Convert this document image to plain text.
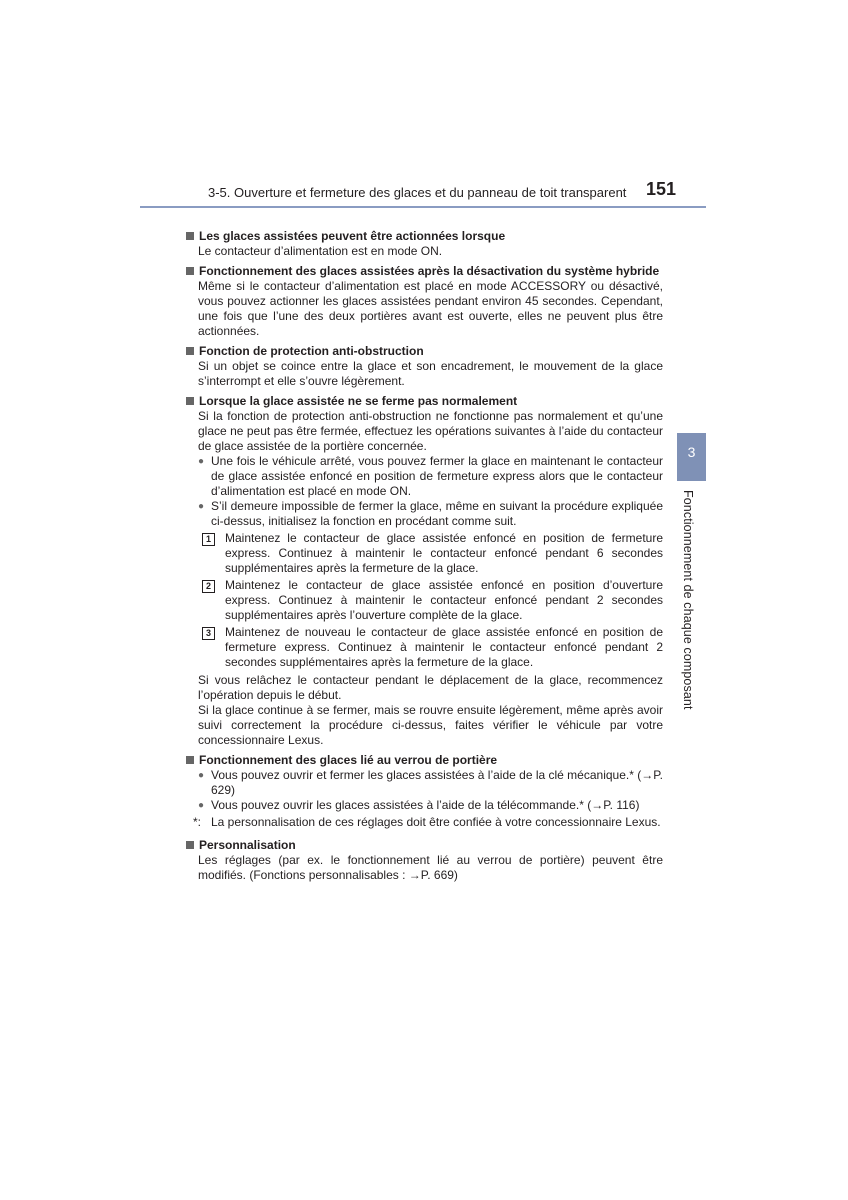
3-5. Ouverture et fermeture des glaces et du panneau de toit transparent 151
3
Fonctionnement de chaque composant
Les glaces assistées peuvent être actionnées lorsque
Le contacteur d’alimentation est en mode ON.
Fonctionnement des glaces assistées après la désactivation du système hybride
Même si le contacteur d’alimentation est placé en mode ACCESSORY ou désactivé, vous pouvez actionner les glaces assistées pendant environ 45 secondes. Cependant, une fois que l’une des deux portières avant est ouverte, elles ne peuvent plus être actionnées.
Fonction de protection anti-obstruction
Si un objet se coince entre la glace et son encadrement, le mouvement de la glace s’interrompt et elle s’ouvre légèrement.
Lorsque la glace assistée ne se ferme pas normalement
Si la fonction de protection anti-obstruction ne fonctionne pas normalement et qu’une glace ne peut pas être fermée, effectuez les opérations suivantes à l’aide du contacteur de glace assistée de la portière concernée.
● Une fois le véhicule arrêté, vous pouvez fermer la glace en maintenant le contacteur de glace assistée enfoncé en position de fermeture express alors que le contacteur d’alimentation est placé en mode ON.
● S’il demeure impossible de fermer la glace, même en suivant la procédure expliquée ci-dessus, initialisez la fonction en procédant comme suit.
1	Maintenez le contacteur de glace assistée enfoncé en position de fermeture express. Continuez à maintenir le contacteur enfoncé pendant 6 secondes supplémentaires après la fermeture de la glace.
2	Maintenez le contacteur de glace assistée enfoncé en position d’ouverture express. Continuez à maintenir le contacteur enfoncé pendant 2 secondes supplémentaires après l’ouverture complète de la glace.
3	Maintenez de nouveau le contacteur de glace assistée enfoncé en position de fermeture express. Continuez à maintenir le contacteur enfoncé pendant 2 secondes supplémentaires après la fermeture de la glace.
Si vous relâchez le contacteur pendant le déplacement de la glace, recommencez l’opération depuis le début.
Si la glace continue à se fermer, mais se rouvre ensuite légèrement, même après avoir suivi correctement la procédure ci-dessus, faites vérifier le véhicule par votre concessionnaire Lexus.
Fonctionnement des glaces lié au verrou de portière
● Vous pouvez ouvrir et fermer les glaces assistées à l’aide de la clé mécanique.* (→P. 629)
● Vous pouvez ouvrir les glaces assistées à l’aide de la télécommande.* (→P. 116)
*: La personnalisation de ces réglages doit être confiée à votre concessionnaire Lexus.
Personnalisation
Les réglages (par ex. le fonctionnement lié au verrou de portière) peuvent être modifiés. (Fonctions personnalisables : →P. 669)
